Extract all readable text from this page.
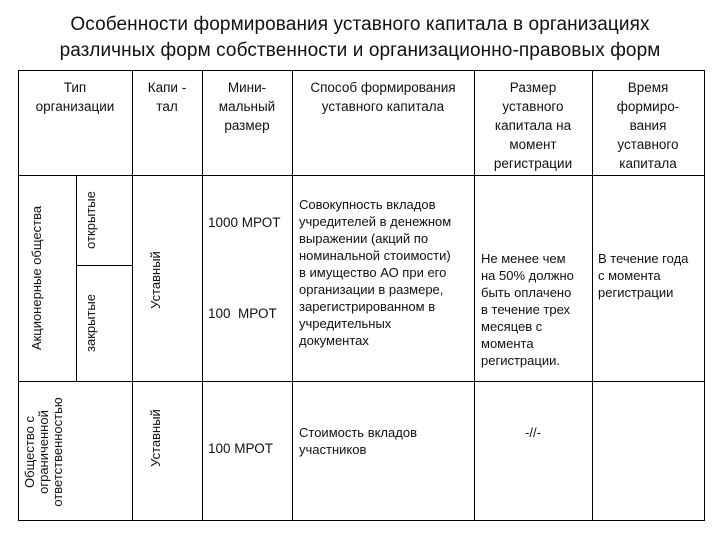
Особенности формирования уставного капитала в организациях
различных форм собственности и организационно-правовых форм
Тип
организации
Капи -
тал
Мини-
мальный
размер
Способ формирования
уставного капитала
Размер
уставного
капитала на
момент
регистрации
Время
формиро-
вания
уставного
капитала
Акционерные общества	открытые
закрытые
Общество с ограниченной ответственностью
Уставный
Уставный
1000 МРОТ
100  МРОТ
100 МРОТ
Совокупность вкладов
учредителей в денежном
выражении (акций по
номинальной стоимости)
в имущество АО при его
организации в размере,
зарегистрированном в
учредительных
документах
Стоимость вкладов
участников
Не менее чем
на 50% должно
быть оплачено
в течение трех
месяцев с
момента
регистрации.
-//-
В течение года
с момента
регистрации
